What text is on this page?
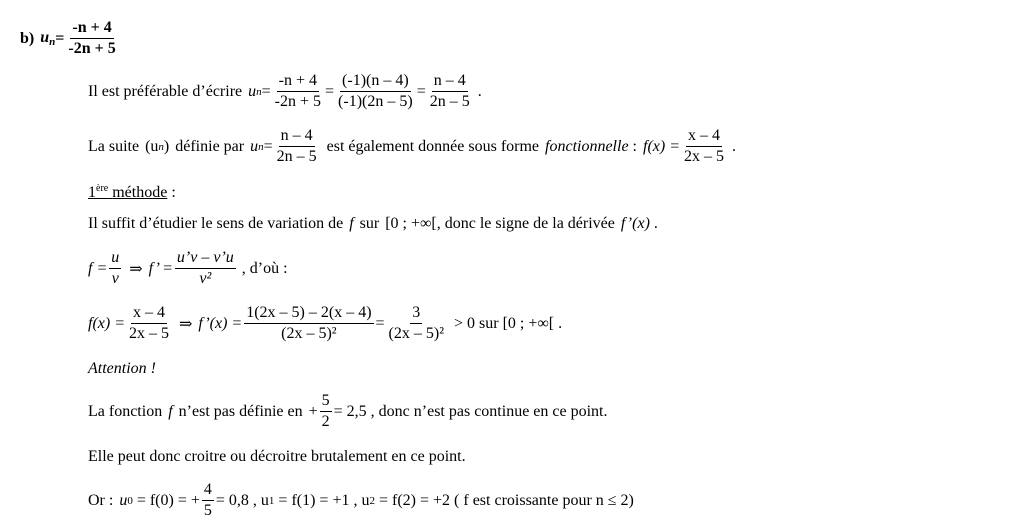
b) $u_n = \frac{-n + 4}{-2n + 5}$
Il est préférable d’écrire u $n = \frac{-n + 4}{-2n + 5} = \frac{(-1)(n - 4)}{(-1)(2n - 5)} = \frac{n - 4}{2n - 5}$ .
La suite (u n ) définie par u $n = \frac{n - 4}{2n - 5}$ est également donnée sous forme fonctionnelle : $f(x) = \frac{x - 4}{2x - 5}$ .
1ère méthode :
Il suffit d’étudier le sens de variation de f sur [0 ; +∞[ , donc le signe de la dérivée f’(x) .
$f = \frac{u}{v}$ ⇒ f’ = $\frac{u’v - v’u}{\text{v²}}$ , d’où :
$f(x) = \frac{x - 4}{2x - 5}$ ⇒ f’(x) = $\frac{1(2x - 5) - 2(x - 4)}{\text{(2x – 5)²}} = \frac{3}{\text{(2x – 5)²}} > 0$ sur [0 ; +∞[ .
Attention !
La fonction f n’est pas définie en + $\frac{5}{2} = 2,5$ , donc n’est pas continue en ce point.
Elle peut donc croitre ou décroitre brutalement en ce point.
Or : u 0 = f(0) = + $\frac{4}{5} = 0,8$ , u 1 = f(1) = +1 , u 2 = f(2) = +2 ( f est croissante pour n ≤ 2)
